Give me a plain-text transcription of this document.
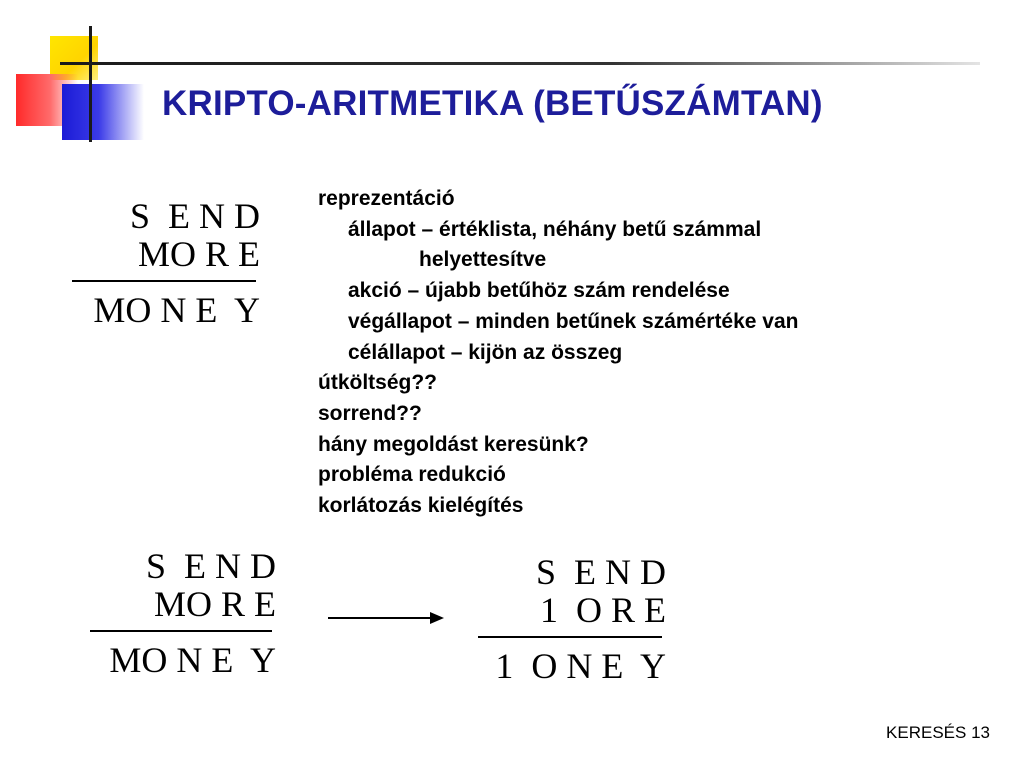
KRIPTO-ARITMETIKA (BETŰSZÁMTAN)
S  E N D
MO R E
MO N E  Y
reprezentáció
állapot – értéklista, néhány betű számmal
helyettesítve
akció – újabb betűhöz szám rendelése
végállapot – minden betűnek számértéke van
célállapot – kijön az összeg
útköltség??
sorrend??
hány megoldást keresünk?
probléma redukció
korlátozás kielégítés
S  E N D
MO R E
MO N E  Y
S  E N D
1  O R E
1  O N E  Y
KERESÉS 13
